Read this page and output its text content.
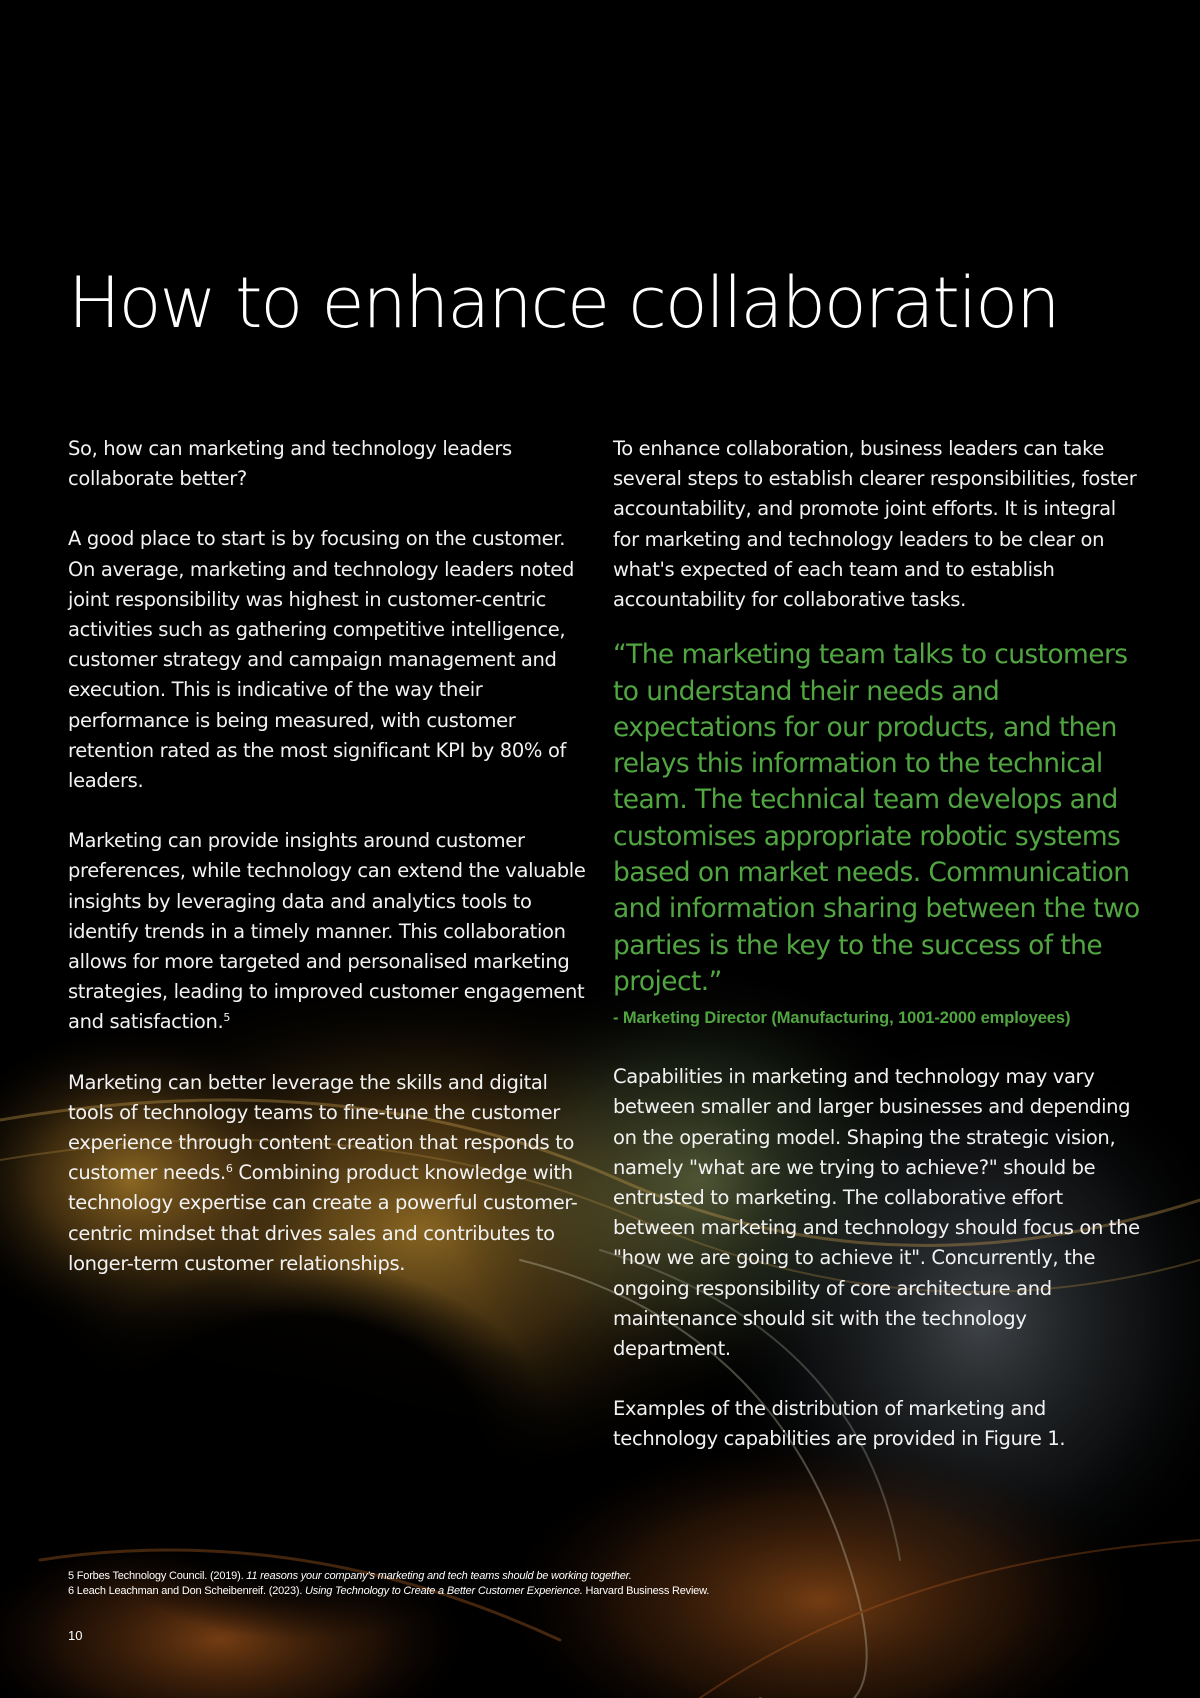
How to enhance collaboration

So, how can marketing and technology leaders collaborate better?

A good place to start is by focusing on the customer. On average, marketing and technology leaders noted joint responsibility was highest in customer-centric activities such as gathering competitive intelligence, customer strategy and campaign management and execution. This is indicative of the way their performance is being measured, with customer retention rated as the most significant KPI by 80% of leaders.

Marketing can provide insights around customer preferences, while technology can extend the valuable insights by leveraging data and analytics tools to identify trends in a timely manner. This collaboration allows for more targeted and personalised marketing strategies, leading to improved customer engagement and satisfaction.$^5$

Marketing can better leverage the skills and digital tools of technology teams to fine-tune the customer experience through content creation that responds to customer needs.$^6$ Combining product knowledge with technology expertise can create a powerful customer-centric mindset that drives sales and contributes to longer-term customer relationships.

To enhance collaboration, business leaders can take several steps to establish clearer responsibilities, foster accountability, and promote joint efforts. It is integral for marketing and technology leaders to be clear on what's expected of each team and to establish accountability for collaborative tasks.

“The marketing team talks to customers to understand their needs and expectations for our products, and then relays this information to the technical team. The technical team develops and customises appropriate robotic systems based on market needs. Communication and information sharing between the two parties is the key to the success of the project.”

- Marketing Director (Manufacturing, 1001-2000 employees)

Capabilities in marketing and technology may vary between smaller and larger businesses and depending on the operating model. Shaping the strategic vision, namely "what are we trying to achieve?" should be entrusted to marketing. The collaborative effort between marketing and technology should focus on the "how we are going to achieve it". Concurrently, the ongoing responsibility of core architecture and maintenance should sit with the technology department.

Examples of the distribution of marketing and technology capabilities are provided in Figure 1.

5 Forbes Technology Council. (2019). 11 reasons your company’s marketing and tech teams should be working together.
6 Leach Leachman and Don Scheibenreif. (2023). Using Technology to Create a Better Customer Experience. Harvard Business Review.
10
